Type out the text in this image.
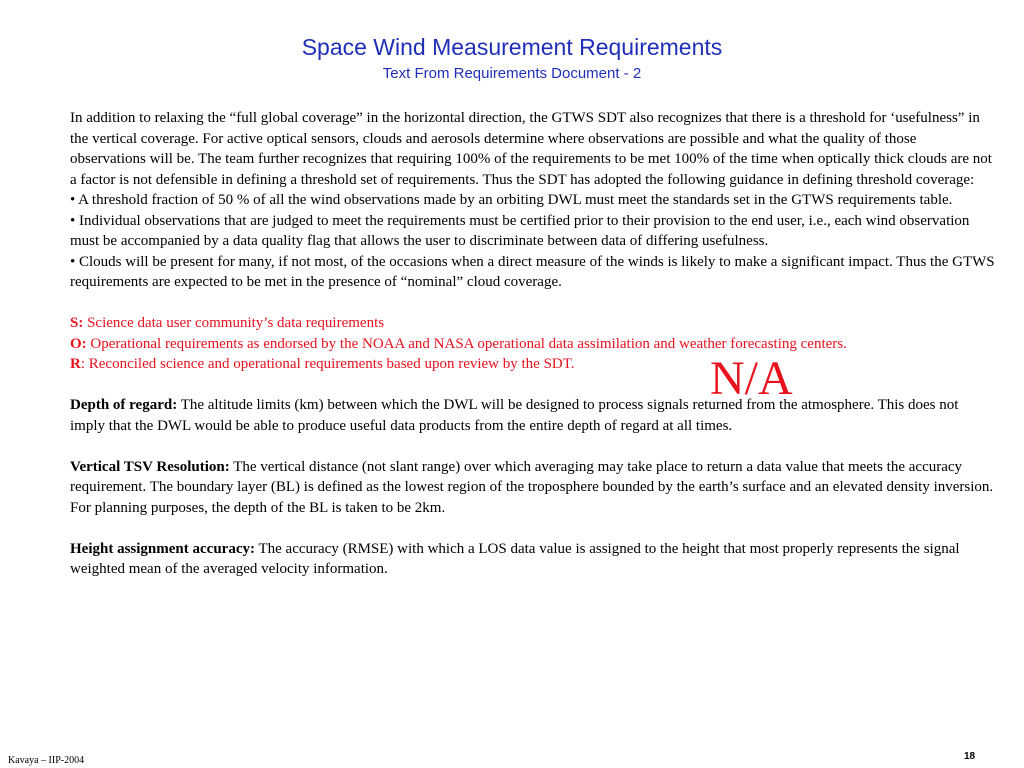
Space Wind Measurement Requirements
Text From Requirements Document - 2

In addition to relaxing the “full global coverage” in the horizontal direction, the GTWS SDT also recognizes that there is a threshold for ‘usefulness” in the vertical coverage. For active optical sensors, clouds and aerosols determine where observations are possible and what the quality of those observations will be. The team further recognizes that requiring 100% of the requirements to be met 100% of the time when optically thick clouds are not a factor is not defensible in defining a threshold set of requirements. Thus the SDT has adopted the following guidance in defining threshold coverage:

• A threshold fraction of 50 % of all the wind observations made by an orbiting DWL must meet the standards set in the GTWS requirements table.

• Individual observations that are judged to meet the requirements must be certified prior to their provision to the end user, i.e., each wind observation must be accompanied by a data quality flag that allows the user to discriminate between data of differing usefulness.

• Clouds will be present for many, if not most, of the occasions when a direct measure of the winds is likely to make a significant impact. Thus the GTWS requirements are expected to be met in the presence of “nominal” cloud coverage.

S: Science data user community’s data requirements

O: Operational requirements as endorsed by the NOAA and NASA operational data assimilation and weather forecasting centers.

R: Reconciled science and operational requirements based upon review by the SDT.

Depth of regard: The altitude limits (km) between which the DWL will be designed to process signals returned from the atmosphere. This does not imply that the DWL would be able to produce useful data products from the entire depth of regard at all times.

Vertical TSV Resolution: The vertical distance (not slant range) over which averaging may take place to return a data value that meets the accuracy requirement. The boundary layer (BL) is defined as the lowest region of the troposphere bounded by the earth’s surface and an elevated density inversion. For planning purposes, the depth of the BL is taken to be 2km.

Height assignment accuracy: The accuracy (RMSE) with which a LOS data value is assigned to the height that most properly represents the signal weighted mean of the averaged velocity information.

N/A
Kavaya – IIP-2004	18
